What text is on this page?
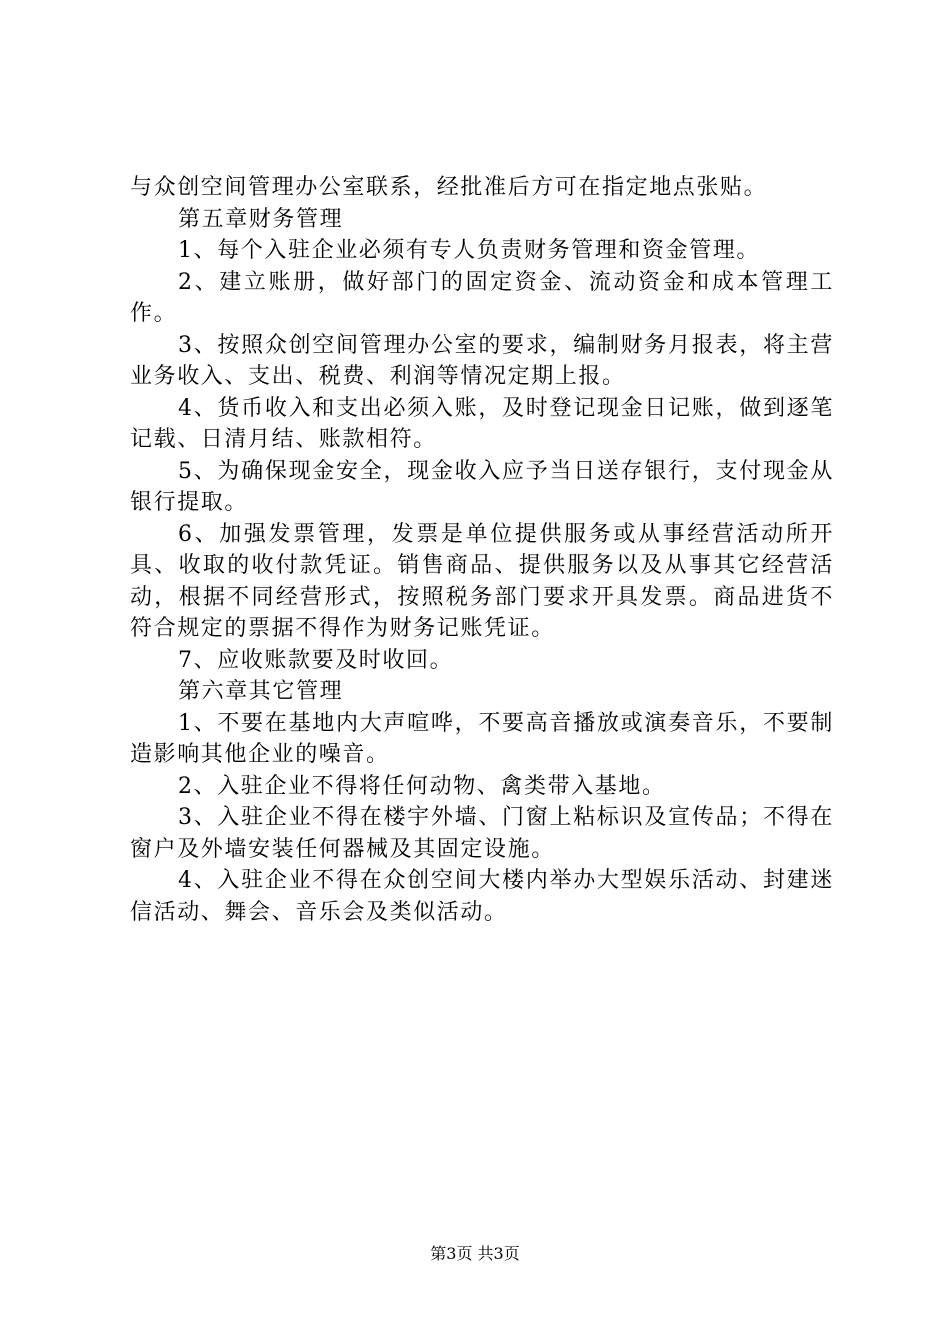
与众创空间管理办公室联系，经批准后方可在指定地点张贴。

第五章财务管理

1、每个入驻企业必须有专人负责财务管理和资金管理。

2、建立账册，做好部门的固定资金、流动资金和成本管理工作。

3、按照众创空间管理办公室的要求，编制财务月报表，将主营业务收入、支出、税费、利润等情况定期上报。

4、货币收入和支出必须入账，及时登记现金日记账，做到逐笔记载、日清月结、账款相符。

5、为确保现金安全，现金收入应予当日送存银行，支付现金从银行提取。

6、加强发票管理，发票是单位提供服务或从事经营活动所开具、收取的收付款凭证。销售商品、提供服务以及从事其它经营活动，根据不同经营形式，按照税务部门要求开具发票。商品进货不符合规定的票据不得作为财务记账凭证。

7、应收账款要及时收回。

第六章其它管理

1、不要在基地内大声喧哗，不要高音播放或演奏音乐，不要制造影响其他企业的噪音。

2、入驻企业不得将任何动物、禽类带入基地。

3、入驻企业不得在楼宇外墙、门窗上粘标识及宣传品；不得在窗户及外墙安装任何器械及其固定设施。

4、入驻企业不得在众创空间大楼内举办大型娱乐活动、封建迷信活动、舞会、音乐会及类似活动。

第3页 共3页
